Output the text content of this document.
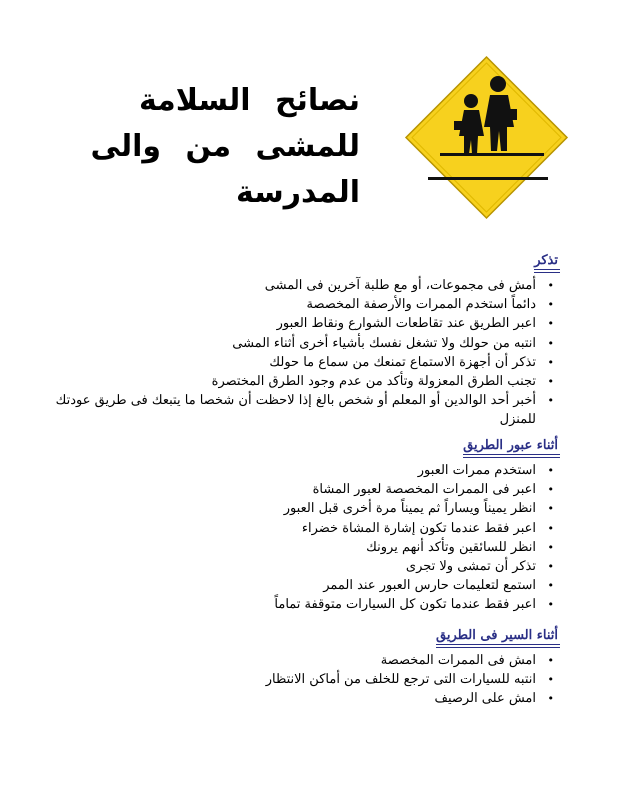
نصائح السلامة
للمشى من والى
المدرسة
تذكر
• أمش فى مجموعات، أو مع طلبة آخرين فى المشى
• دائماً استخدم الممرات والأرصفة المخصصة
• اعبر الطريق عند تقاطعات الشوارع ونقاط العبور
• انتبه من حولك ولا تشغل نفسك بأشياء أخرى أثناء المشى
• تذكر أن أجهزة الاستماع تمنعك من سماع ما حولك
• تجنب الطرق المعزولة وتأكد من عدم وجود الطرق المختصرة
• أخبر أحد الوالدين أو المعلم أو شخص بالغ إذا لاحظت أن شخصا ما يتبعك فى طريق عودتك للمنزل
أثناء عبور الطريق
• استخدم ممرات العبور
• اعبر فى الممرات المخصصة لعبور المشاة
• انظر يميناً ويساراً ثم يميناً مرة أخرى قبل العبور
• اعبر فقط عندما تكون إشارة المشاة خضراء
• انظر للسائقين وتأكد أنهم يرونك
• تذكر أن تمشى ولا تجرى
• استمع لتعليمات حارس العبور عند الممر
• اعبر فقط عندما تكون كل السيارات متوقفة تماماً
أثناء السير فى الطريق
• امش فى الممرات المخصصة
• انتبه للسيارات التى ترجع للخلف من أماكن الانتظار
• امش على الرصيف
